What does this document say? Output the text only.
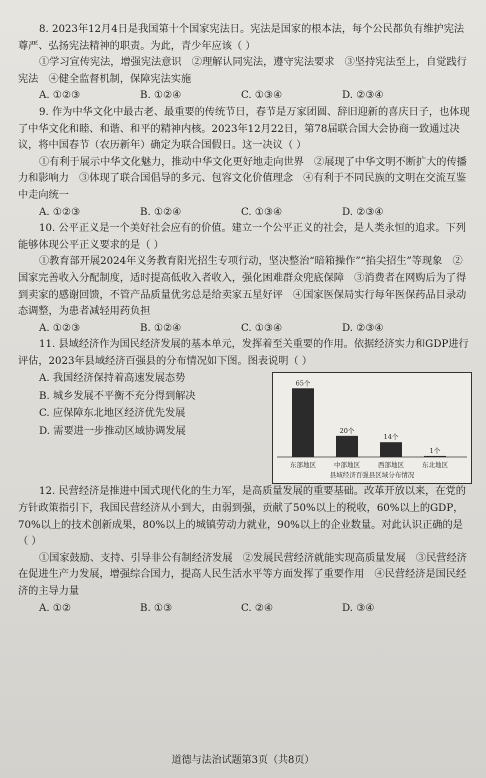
8. 2023年12月4日是我国第十个国家宪法日。宪法是国家的根本法，每个公民都负有维护宪法尊严、弘扬宪法精神的职责。为此，青少年应该（ ）

①学习宣传宪法，增强宪法意识　②理解认同宪法，遵守宪法要求　③坚持宪法至上，自觉践行宪法　④健全监督机制，保障宪法实施

A. ①②③	B. ①②④	C. ①③④	D. ②③④

9. 作为中华文化中最古老、最重要的传统节日，春节是万家团圆、辞旧迎新的喜庆日子，也体现了中华文化和睦、和谐、和平的精神内核。2023年12月22日，第78届联合国大会协商一致通过决议，将中国春节（农历新年）确定为联合国假日。这一决议（ ）

①有利于展示中华文化魅力，推动中华文化更好地走向世界　②展现了中华文明不断扩大的传播力和影响力　③体现了联合国倡导的多元、包容文化价值理念　④有利于不同民族的文明在交流互鉴中走向统一

A. ①②③	B. ①②④	C. ①③④	D. ②③④

10. 公平正义是一个美好社会应有的价值。建立一个公平正义的社会，是人类永恒的追求。下列能够体现公平正义要求的是（ ）

①教育部开展2024年义务教育阳光招生专项行动，坚决整治“暗箱操作”“掐尖招生”等现象　②国家完善收入分配制度，适时提高低收入者收入，强化困难群众兜底保障　③消费者在网购后为了得到卖家的感谢回馈，不管产品质量优劣总是给卖家五星好评　④国家医保局实行每年医保药品目录动态调整，为患者减轻用药负担

A. ①②③	B. ①②④	C. ①③④	D. ②③④

11. 县域经济作为国民经济发展的基本单元，发挥着至关重要的作用。依据经济实力和GDP进行评估，2023年县域经济百强县的分布情况如下图。图表说明（ ）

A. 我国经济保持着高速发展态势

B. 城乡发展不平衡不充分得到解决

C. 应保障东北地区经济优先发展

D. 需要进一步推动区域协调发展

65个
东部地区
20个
中部地区
14个
西部地区
1个
东北地区
县域经济百强县区域分布情况

12. 民营经济是推进中国式现代化的生力军，是高质量发展的重要基础。改革开放以来，在党的方针政策指引下，我国民营经济从小到大，由弱到强，贡献了50%以上的税收，60%以上的GDP，70%以上的技术创新成果，80%以上的城镇劳动力就业，90%以上的企业数量。对此认识正确的是（ ）

①国家鼓励、支持、引导非公有制经济发展　②发展民营经济就能实现高质量发展　③民营经济在促进生产力发展，增强综合国力，提高人民生活水平等方面发挥了重要作用　④民营经济是国民经济的主导力量

A. ①②	B. ①③	C. ②④	D. ③④
道德与法治试题第3页（共8页）
